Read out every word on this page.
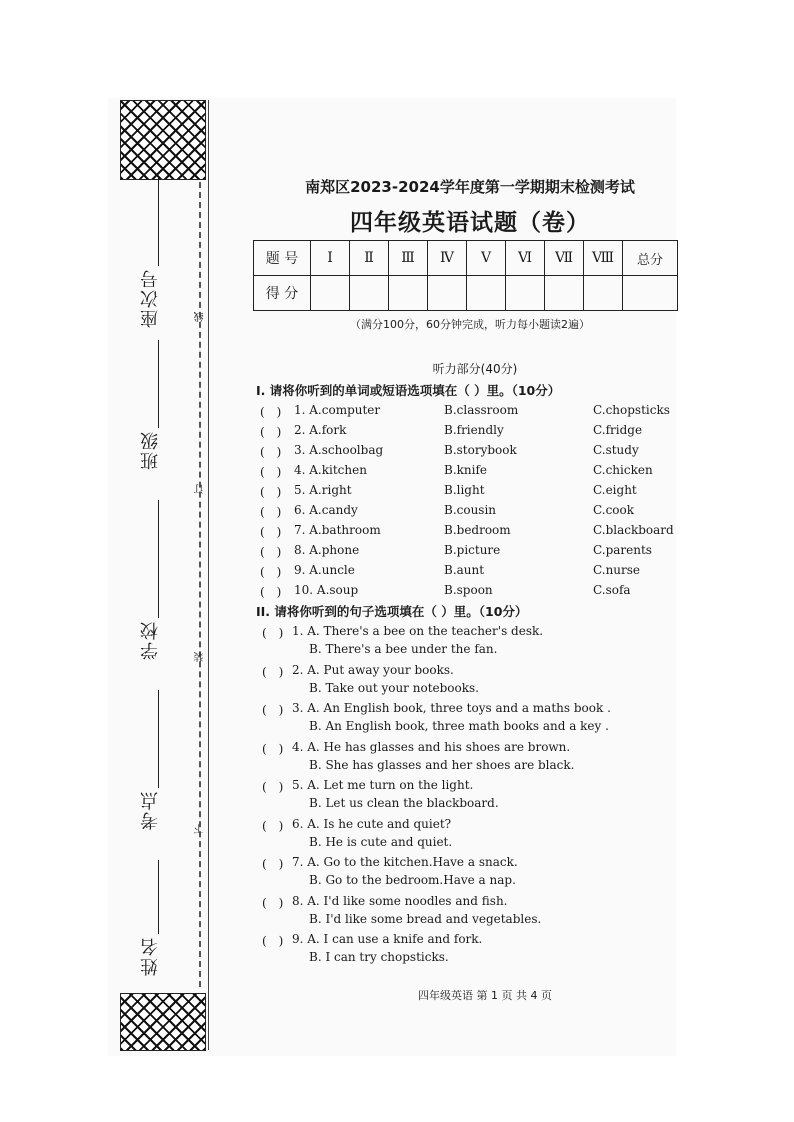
座次号
班级
学校
考点
姓名
线
订
装
下
南郑区2023-2024学年度第一学期期末检测考试
四年级英语试题（卷）
题 号	Ⅰ	Ⅱ	Ⅲ	Ⅳ	Ⅴ	Ⅵ	Ⅶ	Ⅷ	总分
得 分									
（满分100分，60分钟完成，听力每小题读2遍）
听力部分(40分)
I. 请将你听到的单词或短语选项填在（ ）里。（10分）
(　) 1. A.computer	B.classroom	C.chopsticks
(　) 2. A.fork	B.friendly	C.fridge
(　) 3. A.schoolbag	B.storybook	C.study
(　) 4. A.kitchen	B.knife	C.chicken
(　) 5. A.right	B.light	C.eight
(　) 6. A.candy	B.cousin	C.cook
(　) 7. A.bathroom	B.bedroom	C.blackboard
(　) 8. A.phone	B.picture	C.parents
(　) 9. A.uncle	B.aunt	C.nurse
(　) 10. A.soup	B.spoon	C.sofa
II. 请将你听到的句子选项填在（ ）里。（10分）
(　) 1. A. There's a bee on the teacher's desk.
B. There's a bee under the fan.
(　) 2. A. Put away your books.
B. Take out your notebooks.
(　) 3. A. An English book, three toys and a maths book .
B. An English book, three math books and a key .
(　) 4. A. He has glasses and his shoes are brown.
B. She has glasses and her shoes are black.
(　) 5. A. Let me turn on the light.
B. Let us clean the blackboard.
(　) 6. A. Is he cute and quiet?
B. He is cute and quiet.
(　) 7. A. Go to the kitchen.Have a snack.
B. Go to the bedroom.Have a nap.
(　) 8. A. I'd like some noodles and fish.
B. I'd like some bread and vegetables.
(　) 9. A. I can use a knife and fork.
B. I can try chopsticks.
四年级英语 第 1 页 共 4 页
